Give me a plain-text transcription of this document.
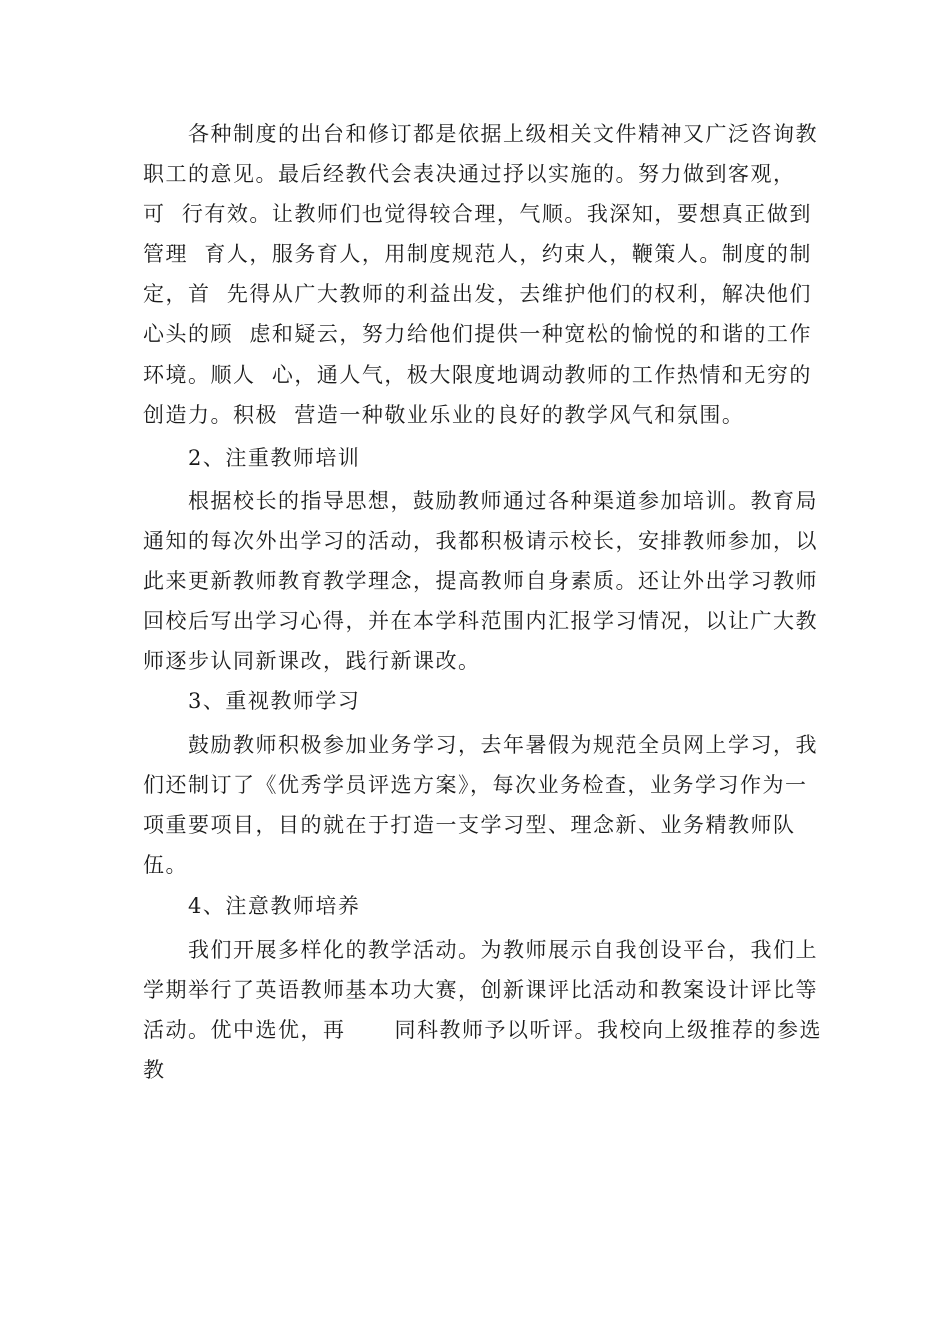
各种制度的出台和修订都是依据上级相关文件精神又广泛咨询教
职工的意见。最后经教代会表决通过抒以实施的。努力做到客观，
可  行有效。让教师们也觉得较合理，气顺。我深知，要想真正做到
管理  育人，服务育人，用制度规范人，约束人，鞭策人。制度的制
定，首  先得从广大教师的利益出发，去维护他们的权利，解决他们
心头的顾  虑和疑云，努力给他们提供一种宽松的愉悦的和谐的工作
环境。顺人  心，通人气，极大限度地调动教师的工作热情和无穷的
创造力。积极  营造一种敬业乐业的良好的教学风气和氛围。
2、注重教师培训
根据校长的指导思想，鼓励教师通过各种渠道参加培训。教育局
通知的每次外出学习的活动，我都积极请示校长，安排教师参加，以
此来更新教师教育教学理念，提高教师自身素质。还让外出学习教师
回校后写出学习心得，并在本学科范围内汇报学习情况，以让广大教
师逐步认同新课改，践行新课改。
3、重视教师学习
鼓励教师积极参加业务学习，去年暑假为规范全员网上学习，我
们还制订了《优秀学员评选方案》，每次业务检查，业务学习作为一
项重要项目，目的就在于打造一支学习型、理念新、业务精教师队
伍。
4、注意教师培养
我们开展多样化的教学活动。为教师展示自我创设平台，我们上
学期举行了英语教师基本功大赛，创新课评比活动和教案设计评比等
活动。优中选优，再      同科教师予以听评。我校向上级推荐的参选
教
